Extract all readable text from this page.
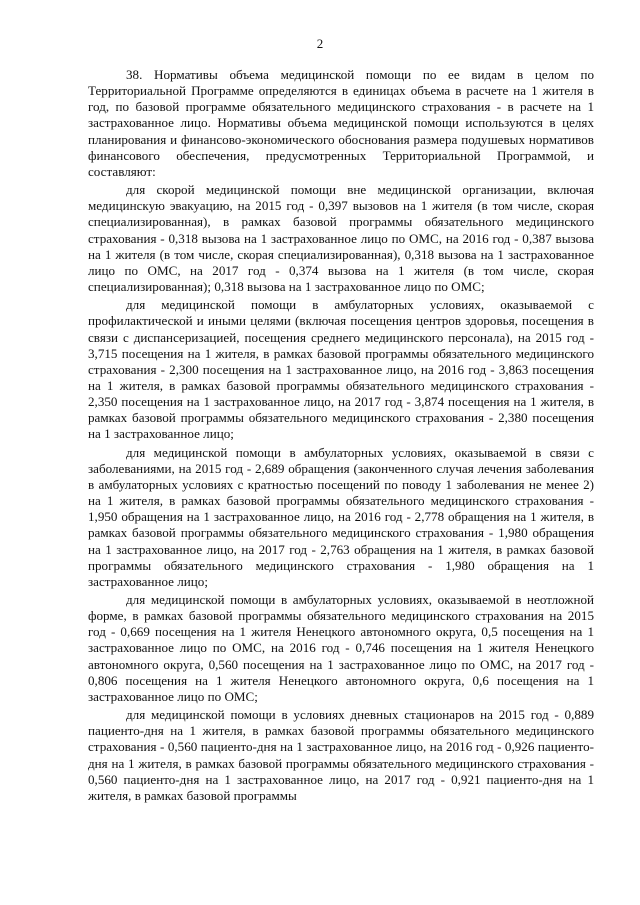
2

38. Нормативы объема медицинской помощи по ее видам в целом по Территориальной Программе определяются в единицах объема в расчете на 1 жителя в год, по базовой программе обязательного медицинского страхования - в расчете на 1 застрахованное лицо. Нормативы объема медицинской помощи используются в целях планирования и финансово-экономического обоснования размера подушевых нормативов финансового обеспечения, предусмотренных Территориальной Программой, и составляют:

для скорой медицинской помощи вне медицинской организации, включая медицинскую эвакуацию, на 2015 год - 0,397 вызовов на 1 жителя (в том числе, скорая специализированная), в рамках базовой программы обязательного медицинского страхования - 0,318 вызова на 1 застрахованное лицо по ОМС, на 2016 год - 0,387 вызова на 1 жителя (в том числе, скорая специализированная), 0,318 вызова на 1 застрахованное лицо по ОМС, на 2017 год - 0,374 вызова на 1 жителя (в том числе, скорая специализированная); 0,318 вызова на 1 застрахованное лицо по ОМС;

для медицинской помощи в амбулаторных условиях, оказываемой с профилактической и иными целями (включая посещения центров здоровья, посещения в связи с диспансеризацией, посещения среднего медицинского персонала), на 2015 год - 3,715 посещения на 1 жителя, в рамках базовой программы обязательного медицинского страхования - 2,300 посещения на 1 застрахованное лицо, на 2016 год - 3,863 посещения на 1 жителя, в рамках базовой программы обязательного медицинского страхования - 2,350 посещения на 1 застрахованное лицо, на 2017 год - 3,874 посещения на 1 жителя, в рамках базовой программы обязательного медицинского страхования - 2,380 посещения на 1 застрахованное лицо;

для медицинской помощи в амбулаторных условиях, оказываемой в связи с заболеваниями, на 2015 год - 2,689 обращения (законченного случая лечения заболевания в амбулаторных условиях с кратностью посещений по поводу 1 заболевания не менее 2) на 1 жителя, в рамках базовой программы обязательного медицинского страхования - 1,950 обращения на 1 застрахованное лицо, на 2016 год - 2,778 обращения на 1 жителя, в рамках базовой программы обязательного медицинского страхования - 1,980 обращения на 1 застрахованное лицо, на 2017 год - 2,763 обращения на 1 жителя, в рамках базовой программы обязательного медицинского страхования - 1,980 обращения на 1 застрахованное лицо;

для медицинской помощи в амбулаторных условиях, оказываемой в неотложной форме, в рамках базовой программы обязательного медицинского страхования на 2015 год - 0,669 посещения на 1 жителя Ненецкого автономного округа, 0,5 посещения на 1 застрахованное лицо по ОМС, на 2016 год - 0,746 посещения на 1 жителя Ненецкого автономного округа, 0,560 посещения на 1 застрахованное лицо по ОМС, на 2017 год - 0,806 посещения на 1 жителя Ненецкого автономного округа, 0,6 посещения на 1 застрахованное лицо по ОМС;

для медицинской помощи в условиях дневных стационаров на 2015 год - 0,889 пациенто-дня на 1 жителя, в рамках базовой программы обязательного медицинского страхования - 0,560 пациенто-дня на 1 застрахованное лицо, на 2016 год - 0,926 пациенто-дня на 1 жителя, в рамках базовой программы обязательного медицинского страхования - 0,560 пациенто-дня на 1 застрахованное лицо, на 2017 год - 0,921 пациенто-дня на 1 жителя, в рамках базовой программы
